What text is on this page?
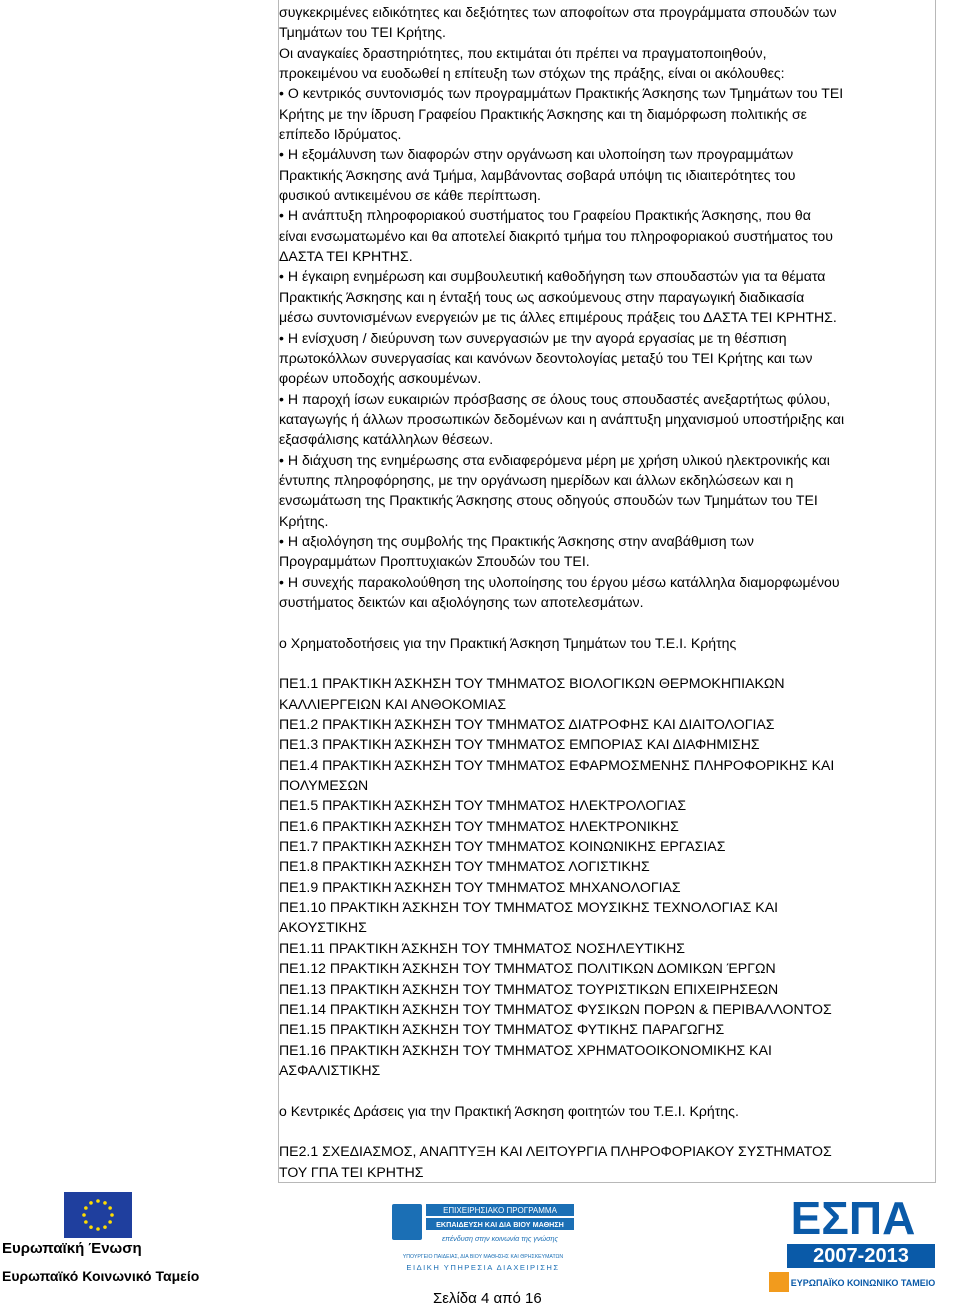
συγκεκριμένες ειδικότητες και δεξιότητες των αποφοίτων στα προγράμματα σπουδών των
Τμημάτων του ΤΕΙ Κρήτης.
Οι αναγκαίες δραστηριότητες, που εκτιμάται ότι πρέπει να πραγματοποιηθούν,
προκειμένου να ευοδωθεί η επίτευξη των στόχων της πράξης, είναι οι ακόλουθες:
• Ο κεντρικός συντονισμός των προγραμμάτων Πρακτικής Άσκησης των Τμημάτων του ΤΕΙ
Κρήτης με την ίδρυση Γραφείου Πρακτικής Άσκησης και τη διαμόρφωση πολιτικής σε
επίπεδο Ιδρύματος.
• Η εξομάλυνση των διαφορών στην οργάνωση και υλοποίηση των προγραμμάτων
Πρακτικής Άσκησης ανά Τμήμα, λαμβάνοντας σοβαρά υπόψη τις ιδιαιτερότητες του
φυσικού αντικειμένου σε κάθε περίπτωση.
• Η ανάπτυξη πληροφοριακού συστήματος του Γραφείου Πρακτικής Άσκησης, που θα
είναι ενσωματωμένο και θα αποτελεί διακριτό τμήμα του πληροφοριακού συστήματος του
ΔΑΣΤΑ ΤΕΙ ΚΡΗΤΗΣ.
• Η έγκαιρη ενημέρωση και συμβουλευτική καθοδήγηση των σπουδαστών για τα θέματα
Πρακτικής Άσκησης και η ένταξή τους ως ασκούμενους στην παραγωγική διαδικασία
μέσω συντονισμένων ενεργειών με τις άλλες επιμέρους πράξεις του ΔΑΣΤΑ ΤΕΙ ΚΡΗΤΗΣ.
• Η ενίσχυση / διεύρυνση των συνεργασιών με την αγορά εργασίας με τη θέσπιση
πρωτοκόλλων συνεργασίας και κανόνων δεοντολογίας μεταξύ του ΤΕΙ Κρήτης και των
φορέων υποδοχής ασκουμένων.
• Η παροχή ίσων ευκαιριών πρόσβασης σε όλους τους σπουδαστές ανεξαρτήτως φύλου,
καταγωγής ή άλλων προσωπικών δεδομένων και η ανάπτυξη μηχανισμού υποστήριξης και
εξασφάλισης κατάλληλων θέσεων.
• Η διάχυση της ενημέρωσης στα ενδιαφερόμενα μέρη με χρήση υλικού ηλεκτρονικής και
έντυπης πληροφόρησης, με την οργάνωση ημερίδων και άλλων εκδηλώσεων και η
ενσωμάτωση της Πρακτικής Άσκησης στους οδηγούς σπουδών των Τμημάτων του ΤΕΙ
Κρήτης.
• Η αξιολόγηση της συμβολής της Πρακτικής Άσκησης στην αναβάθμιση των
Προγραμμάτων Προπτυχιακών Σπουδών του ΤΕΙ.
• Η συνεχής παρακολούθηση της υλοποίησης του έργου μέσω κατάλληλα διαμορφωμένου
συστήματος δεικτών και αξιολόγησης των αποτελεσμάτων.
ο Χρηματοδοτήσεις για την Πρακτική Άσκηση Τμημάτων του Τ.Ε.Ι. Κρήτης
ΠΕ1.1 ΠΡΑΚΤΙΚΗ ΆΣΚΗΣΗ ΤΟΥ ΤΜΗΜΑΤΟΣ ΒΙΟΛΟΓΙΚΩΝ ΘΕΡΜΟΚΗΠΙΑΚΩΝ
ΚΑΛΛΙΕΡΓΕΙΩΝ ΚΑΙ ΑΝΘΟΚΟΜΙΑΣ
ΠΕ1.2 ΠΡΑΚΤΙΚΗ ΆΣΚΗΣΗ ΤΟΥ ΤΜΗΜΑΤΟΣ ΔΙΑΤΡΟΦΗΣ ΚΑΙ ΔΙΑΙΤΟΛΟΓΙΑΣ
ΠΕ1.3 ΠΡΑΚΤΙΚΗ ΆΣΚΗΣΗ ΤΟΥ ΤΜΗΜΑΤΟΣ ΕΜΠΟΡΙΑΣ ΚΑΙ ΔΙΑΦΗΜΙΣΗΣ
ΠΕ1.4 ΠΡΑΚΤΙΚΗ ΆΣΚΗΣΗ ΤΟΥ ΤΜΗΜΑΤΟΣ ΕΦΑΡΜΟΣΜΕΝΗΣ ΠΛΗΡΟΦΟΡΙΚΗΣ ΚΑΙ
ΠΟΛΥΜΕΣΩΝ
ΠΕ1.5 ΠΡΑΚΤΙΚΗ ΆΣΚΗΣΗ ΤΟΥ ΤΜΗΜΑΤΟΣ ΗΛΕΚΤΡΟΛΟΓΙΑΣ
ΠΕ1.6 ΠΡΑΚΤΙΚΗ ΆΣΚΗΣΗ ΤΟΥ ΤΜΗΜΑΤΟΣ ΗΛΕΚΤΡΟΝΙΚΗΣ
ΠΕ1.7 ΠΡΑΚΤΙΚΗ ΆΣΚΗΣΗ ΤΟΥ ΤΜΗΜΑΤΟΣ ΚΟΙΝΩΝΙΚΗΣ ΕΡΓΑΣΙΑΣ
ΠΕ1.8 ΠΡΑΚΤΙΚΗ ΆΣΚΗΣΗ ΤΟΥ ΤΜΗΜΑΤΟΣ ΛΟΓΙΣΤΙΚΗΣ
ΠΕ1.9 ΠΡΑΚΤΙΚΗ ΆΣΚΗΣΗ ΤΟΥ ΤΜΗΜΑΤΟΣ ΜΗΧΑΝΟΛΟΓΙΑΣ
ΠΕ1.10 ΠΡΑΚΤΙΚΗ ΆΣΚΗΣΗ ΤΟΥ ΤΜΗΜΑΤΟΣ ΜΟΥΣΙΚΗΣ ΤΕΧΝΟΛΟΓΙΑΣ ΚΑΙ
ΑΚΟΥΣΤΙΚΗΣ
ΠΕ1.11 ΠΡΑΚΤΙΚΗ ΆΣΚΗΣΗ ΤΟΥ ΤΜΗΜΑΤΟΣ ΝΟΣΗΛΕΥΤΙΚΗΣ
ΠΕ1.12 ΠΡΑΚΤΙΚΗ ΆΣΚΗΣΗ ΤΟΥ ΤΜΗΜΑΤΟΣ ΠΟΛΙΤΙΚΩΝ ΔΟΜΙΚΩΝ ΈΡΓΩΝ
ΠΕ1.13 ΠΡΑΚΤΙΚΗ ΆΣΚΗΣΗ ΤΟΥ ΤΜΗΜΑΤΟΣ ΤΟΥΡΙΣΤΙΚΩΝ ΕΠΙΧΕΙΡΗΣΕΩΝ
ΠΕ1.14 ΠΡΑΚΤΙΚΗ ΆΣΚΗΣΗ ΤΟΥ ΤΜΗΜΑΤΟΣ ΦΥΣΙΚΩΝ ΠΟΡΩΝ & ΠΕΡΙΒΑΛΛΟΝΤΟΣ
ΠΕ1.15 ΠΡΑΚΤΙΚΗ ΆΣΚΗΣΗ ΤΟΥ ΤΜΗΜΑΤΟΣ ΦΥΤΙΚΗΣ ΠΑΡΑΓΩΓΗΣ
ΠΕ1.16 ΠΡΑΚΤΙΚΗ ΆΣΚΗΣΗ ΤΟΥ ΤΜΗΜΑΤΟΣ ΧΡΗΜΑΤΟΟΙΚΟΝΟΜΙΚΗΣ ΚΑΙ
ΑΣΦΑΛΙΣΤΙΚΗΣ
ο Κεντρικές Δράσεις για την Πρακτική Άσκηση φοιτητών του Τ.Ε.Ι. Κρήτης.
ΠΕ2.1 ΣΧΕΔΙΑΣΜΟΣ, ΑΝΑΠΤΥΞΗ ΚΑΙ ΛΕΙΤΟΥΡΓΙΑ ΠΛΗΡΟΦΟΡΙΑΚΟΥ ΣΥΣΤΗΜΑΤΟΣ
ΤΟΥ ΓΠΑ ΤΕΙ ΚΡΗΤΗΣ
Ευρωπαϊκή Ένωση
Ευρωπαϊκό Κοινωνικό Ταμείο
ΕΠΙΧΕΙΡΗΣΙΑΚΟ ΠΡΟΓΡΑΜΜΑ
ΕΚΠΑΙΔΕΥΣΗ ΚΑΙ ΔΙΑ ΒΙΟΥ ΜΑΘΗΣΗ
επένδυση στην κοινωνία της γνώσης
ΥΠΟΥΡΓΕΙΟ ΠΑΙΔΕΙΑΣ, ΔΙΑ ΒΙΟΥ ΜΑΘΗΣΗΣ ΚΑΙ ΘΡΗΣΚΕΥΜΑΤΩΝ
ΕΙΔΙΚΗ ΥΠΗΡΕΣΙΑ ΔΙΑΧΕΙΡΙΣΗΣ
ΕΣΠΑ
2007-2013
ΕΥΡΩΠΑΪΚΟ ΚΟΙΝΩΝΙΚΟ ΤΑΜΕΙΟ
Σελίδα 4 από 16
